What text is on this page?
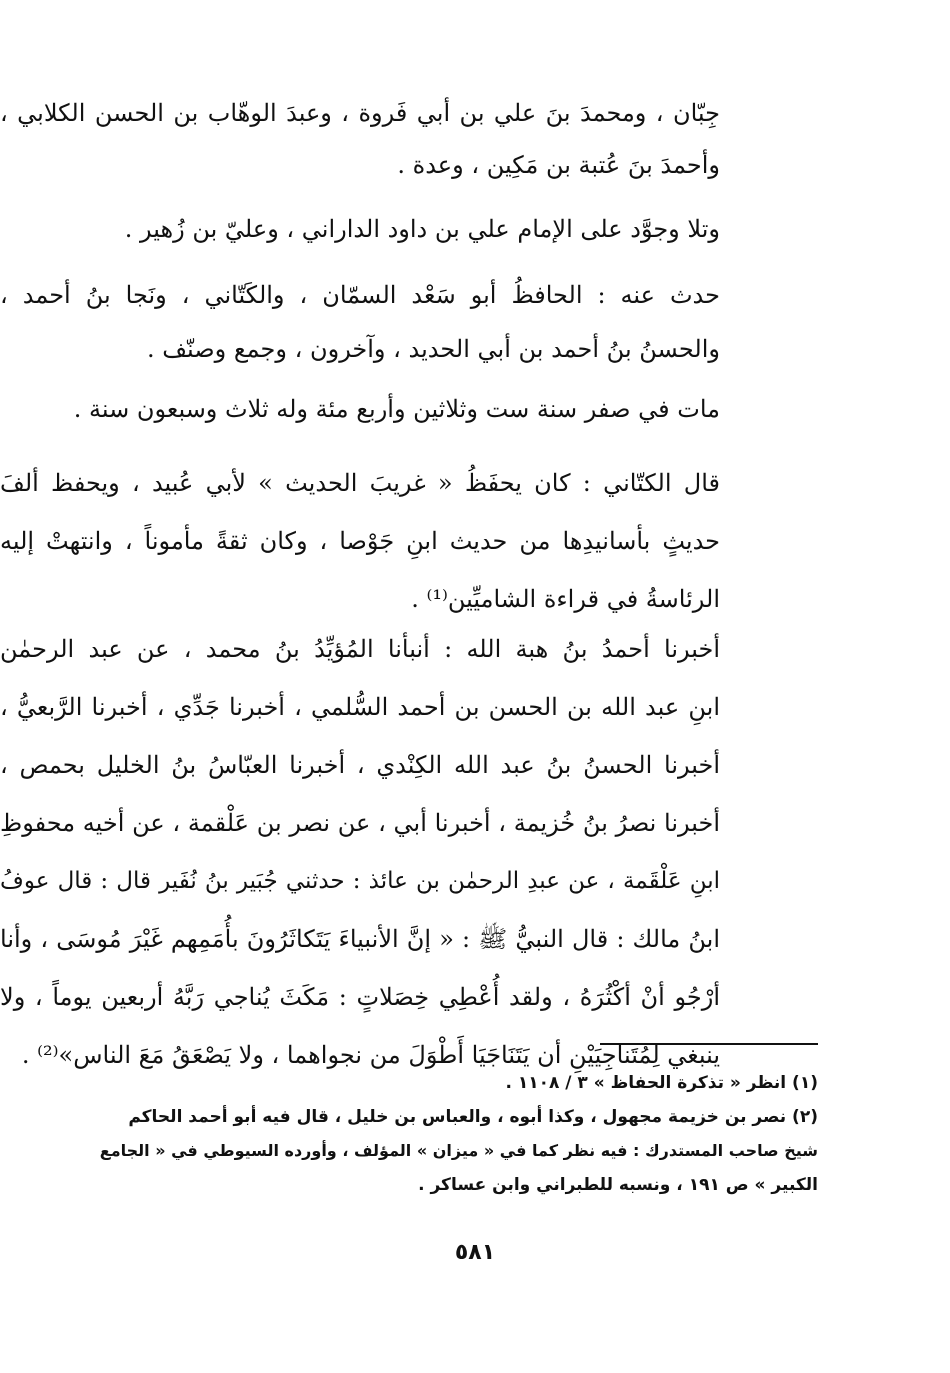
جِبّان ، ومحمدَ بنَ علي بن أبي فَروة ، وعبدَ الوهّاب بن الحسن الكلابي ،
وأحمدَ بنَ عُتبة بن مَكِين ، وعدة .

وتلا وجوَّد على الإمام علي بن داود الداراني ، وعليّ بن زُهير .

حدث عنه : الحافظُ أبو سَعْد السمّان ، والكَتّاني ، ونَجا بنُ أحمد ،
والحسنُ بنُ أحمد بن أبي الحديد ، وآخرون ، وجمع وصنّف .

مات في صفر سنة ست وثلاثين وأربع مئة وله ثلاث وسبعون سنة .

قال الكتّاني : كان يحفَظُ « غريبَ الحديث » لأبي عُبيد ، ويحفظ ألفَ
حديثٍ بأسانيدِها من حديث ابنِ جَوْصا ، وكان ثقةً مأموناً ، وانتهتْ إليه
الرئاسةُ في قراءة الشاميِّين⁽¹⁾ .

أخبرنا أحمدُ بنُ هبة الله : أنبأنا المُؤيِّدُ بنُ محمد ، عن عبد الرحمٰن
ابنِ عبد الله بن الحسن بن أحمد السُّلمي ، أخبرنا جَدِّي ، أخبرنا الرَّبعيُّ ،
أخبرنا الحسنُ بنُ عبد الله الكِنْدي ، أخبرنا العبّاسُ بنُ الخليل بحمص ،
أخبرنا نصرُ بنُ خُزيمة ، أخبرنا أبي ، عن نصر بن عَلْقمة ، عن أخيه محفوظِ
ابنِ عَلْقَمة ، عن عبدِ الرحمٰن بن عائذ : حدثني جُبَير بنُ نُفَير قال : قال عوفُ
ابنُ مالك : قال النبيُّ ﷺ : « إنَّ الأنبياءَ يَتَكاثَرُونَ بأُمَمِهم غَيْرَ مُوسَى ، وأنا
أرْجُو أنْ أكْثُرَهُ ، ولقد أُعْطِي خِصَلاتٍ : مَكَثَ يُناجي رَبَّهُ أربعين يوماً ، ولا
ينبغي لِمُتَناجِيَيْنِ أن يَتَنَاجَيَا أَطْوَلَ من نجواهما ، ولا يَصْعَقُ مَعَ الناس»⁽²⁾ .

(١) انظر « تذكرة الحفاظ » ٣ / ١١٠٨ .
(٢) نصر بن خزيمة مجهول ، وكذا أبوه ، والعباس بن خليل ، قال فيه أبو أحمد الحاكم
شيخ صاحب المستدرك : فيه نظر كما في « ميزان » المؤلف ، وأورده السيوطي في « الجامع
الكبير » ص ١٩١ ، ونسبه للطبراني وابن عساكر .
٥٨١
